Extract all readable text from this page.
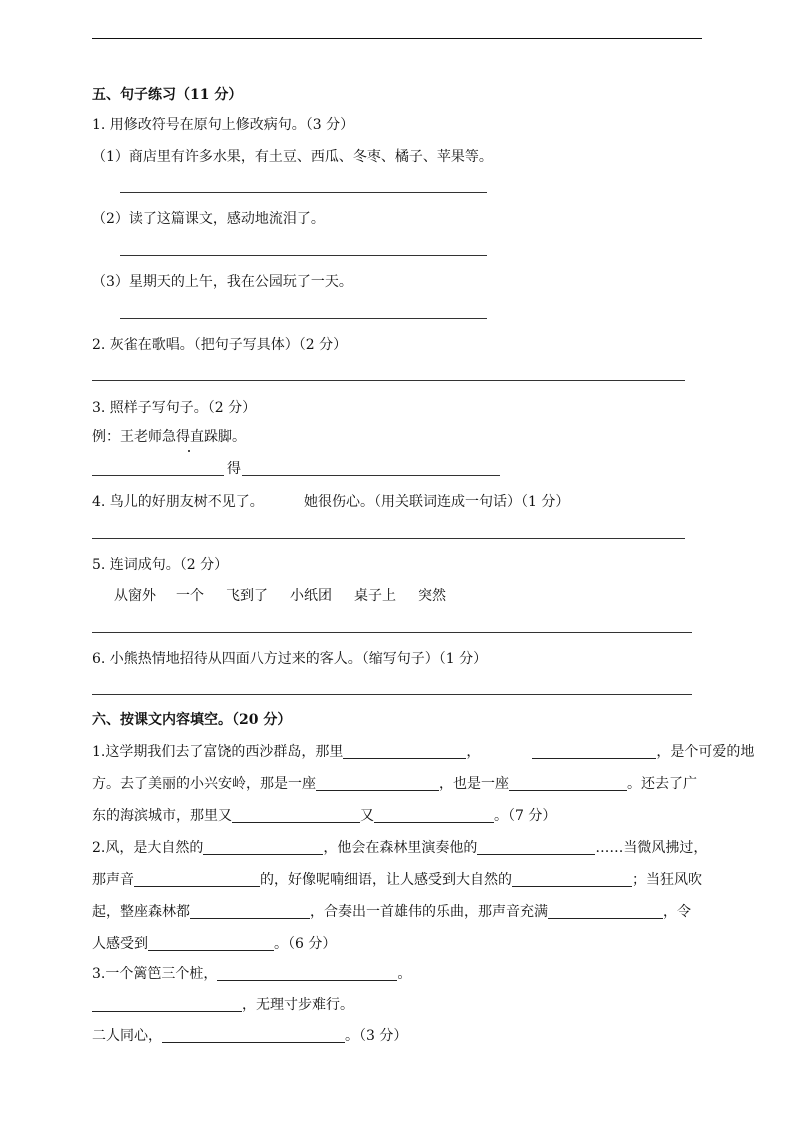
五、句子练习（11 分）
1. 用修改符号在原句上修改病句。（3 分）
（1）商店里有许多水果，有土豆、西瓜、冬枣、橘子、苹果等。
（2）读了这篇课文，感动地流泪了。
（3）星期天的上午，我在公园玩了一天。
2. 灰雀在歌唱。（把句子写具体）（2 分）
3. 照样子写句子。（2 分）
例：王老师急得直跺脚。
得
4. 鸟儿的好朋友树不见了。	她很伤心。（用关联词连成一句话）（1 分）
5. 连词成句。（2 分）
从窗外 一个 飞到了 小纸团 桌子上 突然
6. 小熊热情地招待从四面八方过来的客人。（缩写句子）（1 分）
六、按课文内容填空。（20 分）
1.这学期我们去了富饶的西沙群岛，那里	，	，是个可爱的地
方。去了美丽的小兴安岭，那是一座	，也是一座	。还去了广
东的海滨城市，那里又	又	。（7 分）
2.风，是大自然的	，他会在森林里演奏他的	……当微风拂过，
那声音	的，好像呢喃细语，让人感受到大自然的	；当狂风吹
起，整座森林都	，合奏出一首雄伟的乐曲，那声音充满	，令
人感受到	。（6 分）
3.一个篱笆三个桩，	。
，无理寸步难行。
二人同心，	。（3 分）
